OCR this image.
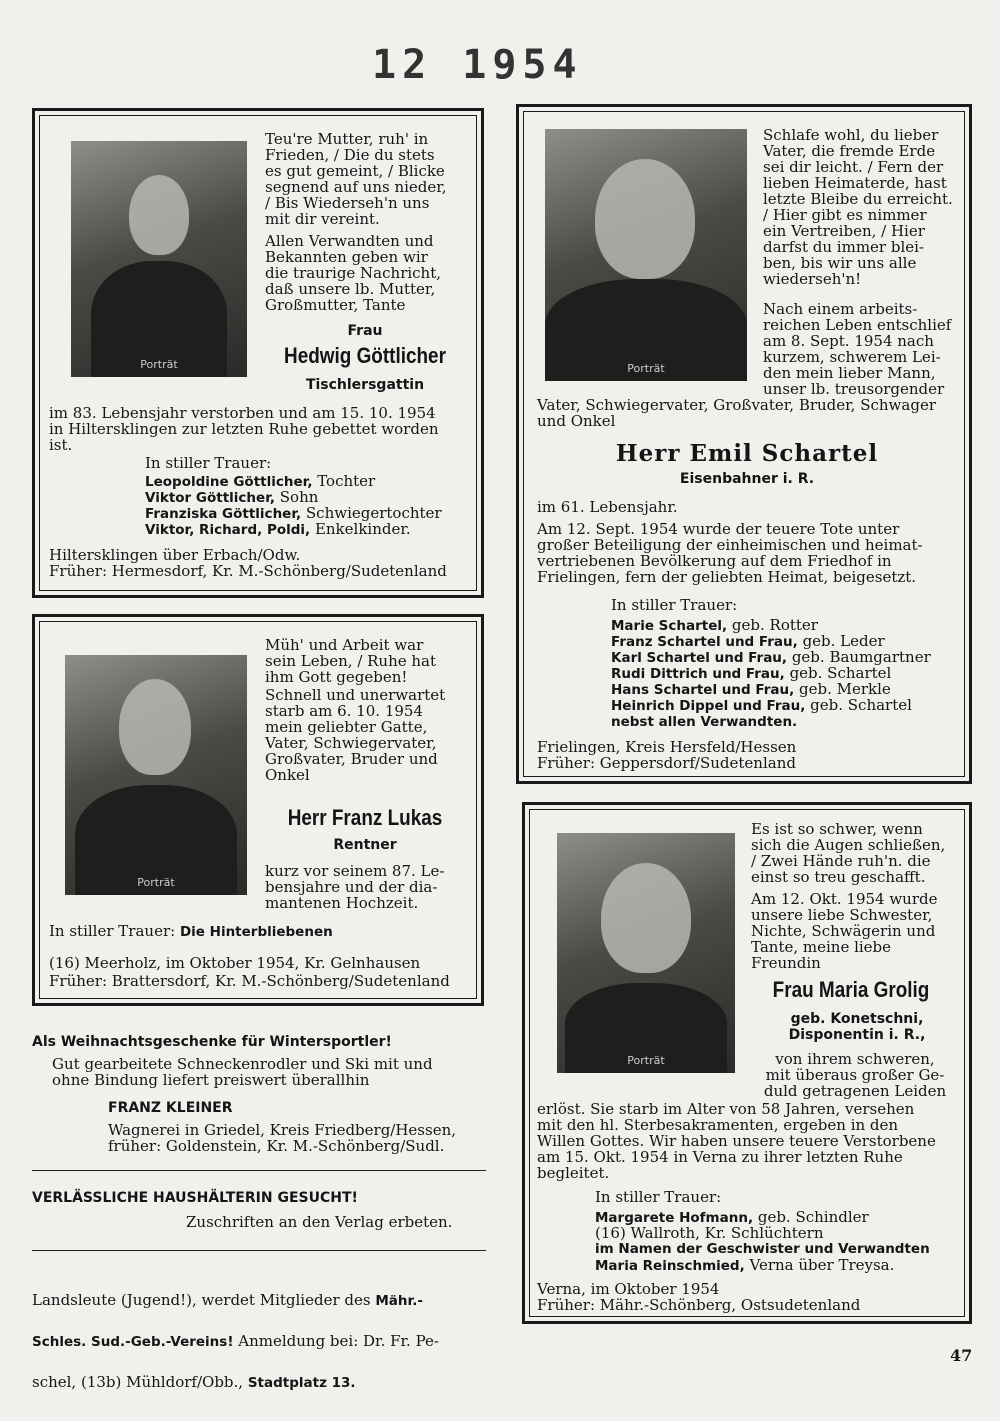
12 1954
Porträt
Teu're Mutter, ruh' in
Frieden, / Die du stets
es gut gemeint, / Blicke
segnend auf uns nieder,
/ Bis Wiederseh'n uns
mit dir vereint.
Allen Verwandten und
Bekannten geben wir
die traurige Nachricht,
daß unsere lb. Mutter,
Großmutter, Tante
Frau
Hedwig Göttlicher
Tischlersgattin
im 83. Lebensjahr verstorben und am 15. 10. 1954
in Hiltersklingen zur letzten Ruhe gebettet worden
ist.
In stiller Trauer:
Leopoldine Göttlicher, Tochter
Viktor Göttlicher, Sohn
Franziska Göttlicher, Schwiegertochter
Viktor, Richard, Poldi, Enkelkinder.
Hiltersklingen über Erbach/Odw.
Früher: Hermesdorf, Kr. M.-Schönberg/Sudetenland
Porträt
Müh' und Arbeit war
sein Leben, / Ruhe hat
ihm Gott gegeben!
Schnell und unerwartet
starb am 6. 10. 1954
mein geliebter Gatte,
Vater, Schwiegervater,
Großvater, Bruder und
Onkel
Herr Franz Lukas
Rentner
kurz vor seinem 87. Le-
bensjahre und der dia-
mantenen Hochzeit.
In stiller Trauer: Die Hinterbliebenen
(16) Meerholz, im Oktober 1954, Kr. Gelnhausen
Früher: Brattersdorf, Kr. M.-Schönberg/Sudetenland
Porträt
Schlafe wohl, du lieber
Vater, die fremde Erde
sei dir leicht. / Fern der
lieben Heimaterde, hast
letzte Bleibe du erreicht.
/ Hier gibt es nimmer
ein Vertreiben, / Hier
darfst du immer blei-
ben, bis wir uns alle
wiederseh'n!
Nach einem arbeits-
reichen Leben entschlief
am 8. Sept. 1954 nach
kurzem, schwerem Lei-
den mein lieber Mann,
unser lb. treusorgender
Vater, Schwiegervater, Großvater, Bruder, Schwager
und Onkel
Herr Emil Schartel
Eisenbahner i. R.
im 61. Lebensjahr.
Am 12. Sept. 1954 wurde der teuere Tote unter
großer Beteiligung der einheimischen und heimat-
vertriebenen Bevölkerung auf dem Friedhof in
Frielingen, fern der geliebten Heimat, beigesetzt.
In stiller Trauer:
Marie Schartel, geb. Rotter
Franz Schartel und Frau, geb. Leder
Karl Schartel und Frau, geb. Baumgartner
Rudi Dittrich und Frau, geb. Schartel
Hans Schartel und Frau, geb. Merkle
Heinrich Dippel und Frau, geb. Schartel
nebst allen Verwandten.
Frielingen, Kreis Hersfeld/Hessen
Früher: Geppersdorf/Sudetenland
Porträt
Es ist so schwer, wenn
sich die Augen schließen,
/ Zwei Hände ruh'n. die
einst so treu geschafft.
Am 12. Okt. 1954 wurde
unsere liebe Schwester,
Nichte, Schwägerin und
Tante, meine liebe
Freundin
Frau Maria Grolig
geb. Konetschni,
Disponentin i. R.,
von ihrem schweren,
mit überaus großer Ge-
duld getragenen Leiden
erlöst. Sie starb im Alter von 58 Jahren, versehen
mit den hl. Sterbesakramenten, ergeben in den
Willen Gottes. Wir haben unsere teuere Verstorbene
am 15. Okt. 1954 in Verna zu ihrer letzten Ruhe
begleitet.
In stiller Trauer:
Margarete Hofmann, geb. Schindler
(16) Wallroth, Kr. Schlüchtern
im Namen der Geschwister und Verwandten
Maria Reinschmied, Verna über Treysa.
Verna, im Oktober 1954
Früher: Mähr.-Schönberg, Ostsudetenland
Als Weihnachtsgeschenke für Wintersportler!
Gut gearbeitete Schneckenrodler und Ski mit und
ohne Bindung liefert preiswert überallhin
FRANZ KLEINER
Wagnerei in Griedel, Kreis Friedberg/Hessen,
früher: Goldenstein, Kr. M.-Schönberg/Sudl.
VERLÄSSLICHE HAUSHÄLTERIN GESUCHT!
Zuschriften an den Verlag erbeten.

Landsleute (Jugend!), werdet Mitglieder des Mähr.-

Schles. Sud.-Geb.-Vereins! Anmeldung bei: Dr. Fr. Pe-

schel, (13b) Mühldorf/Obb., Stadtplatz 13.

47
